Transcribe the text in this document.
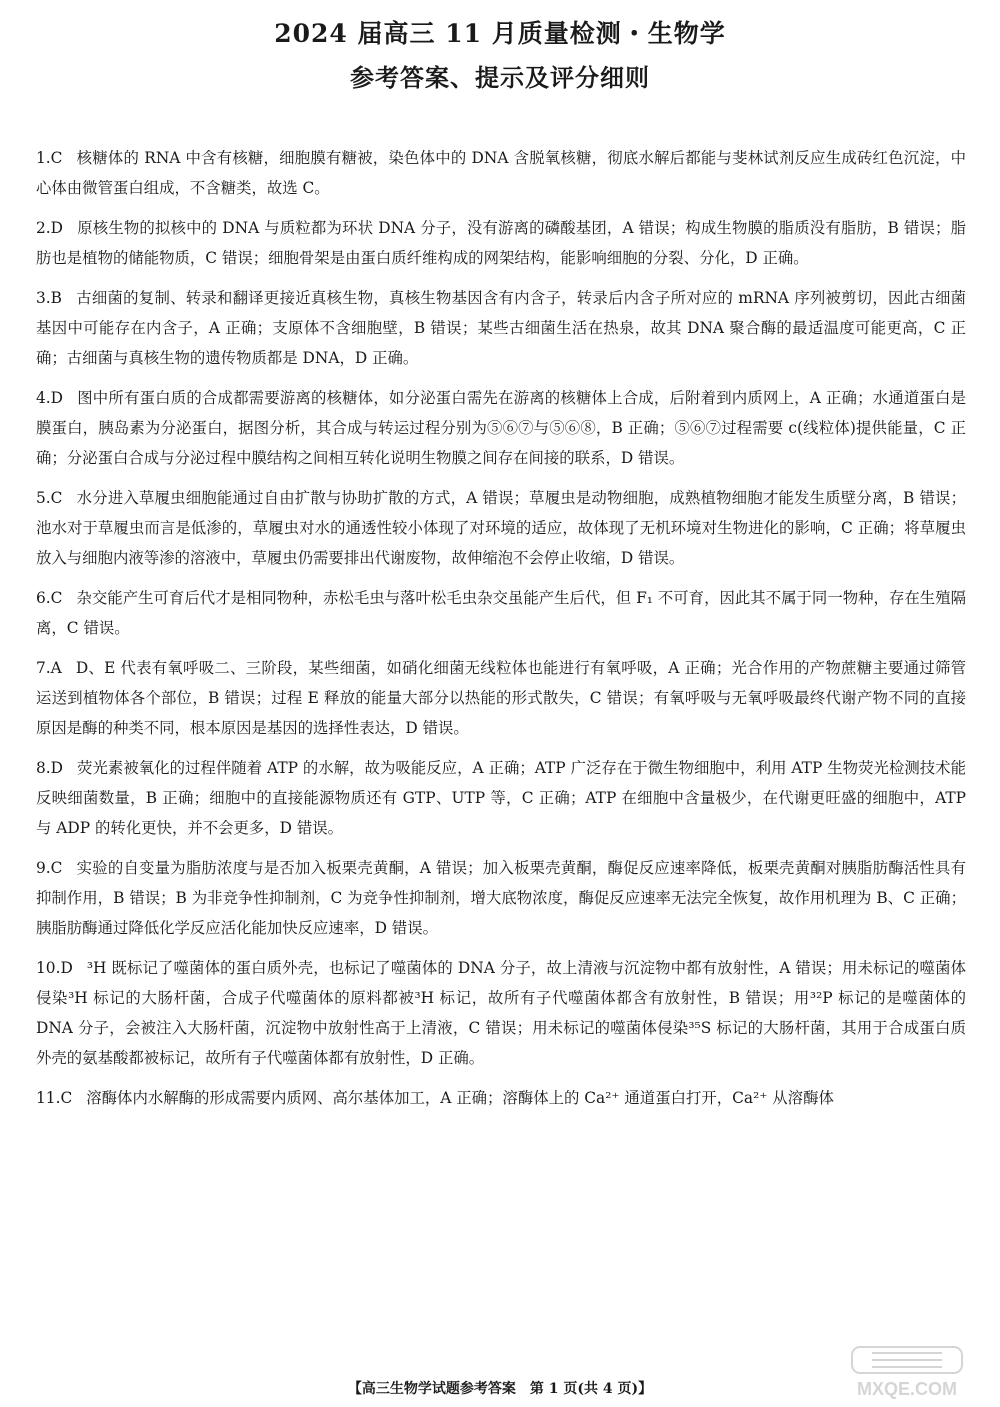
2024 届高三 11 月质量检测・生物学
参考答案、提示及评分细则

1.C 核糖体的 RNA 中含有核糖，细胞膜有糖被，染色体中的 DNA 含脱氧核糖，彻底水解后都能与斐林试剂反应生成砖红色沉淀，中心体由微管蛋白组成，不含糖类，故选 C。

2.D 原核生物的拟核中的 DNA 与质粒都为环状 DNA 分子，没有游离的磷酸基团，A 错误；构成生物膜的脂质没有脂肪，B 错误；脂肪也是植物的储能物质，C 错误；细胞骨架是由蛋白质纤维构成的网架结构，能影响细胞的分裂、分化，D 正确。

3.B 古细菌的复制、转录和翻译更接近真核生物，真核生物基因含有内含子，转录后内含子所对应的 mRNA 序列被剪切，因此古细菌基因中可能存在内含子，A 正确；支原体不含细胞壁，B 错误；某些古细菌生活在热泉，故其 DNA 聚合酶的最适温度可能更高，C 正确；古细菌与真核生物的遗传物质都是 DNA，D 正确。

4.D 图中所有蛋白质的合成都需要游离的核糖体，如分泌蛋白需先在游离的核糖体上合成，后附着到内质网上，A 正确；水通道蛋白是膜蛋白，胰岛素为分泌蛋白，据图分析，其合成与转运过程分别为⑤⑥⑦与⑤⑥⑧，B 正确；⑤⑥⑦过程需要 c(线粒体)提供能量，C 正确；分泌蛋白合成与分泌过程中膜结构之间相互转化说明生物膜之间存在间接的联系，D 错误。

5.C 水分进入草履虫细胞能通过自由扩散与协助扩散的方式，A 错误；草履虫是动物细胞，成熟植物细胞才能发生质壁分离，B 错误；池水对于草履虫而言是低渗的，草履虫对水的通透性较小体现了对环境的适应，故体现了无机环境对生物进化的影响，C 正确；将草履虫放入与细胞内液等渗的溶液中，草履虫仍需要排出代谢废物，故伸缩泡不会停止收缩，D 错误。

6.C 杂交能产生可育后代才是相同物种，赤松毛虫与落叶松毛虫杂交虽能产生后代，但 F₁ 不可育，因此其不属于同一物种，存在生殖隔离，C 错误。

7.A D、E 代表有氧呼吸二、三阶段，某些细菌，如硝化细菌无线粒体也能进行有氧呼吸，A 正确；光合作用的产物蔗糖主要通过筛管运送到植物体各个部位，B 错误；过程 E 释放的能量大部分以热能的形式散失，C 错误；有氧呼吸与无氧呼吸最终代谢产物不同的直接原因是酶的种类不同，根本原因是基因的选择性表达，D 错误。

8.D 荧光素被氧化的过程伴随着 ATP 的水解，故为吸能反应，A 正确；ATP 广泛存在于微生物细胞中，利用 ATP 生物荧光检测技术能反映细菌数量，B 正确；细胞中的直接能源物质还有 GTP、UTP 等，C 正确；ATP 在细胞中含量极少，在代谢更旺盛的细胞中，ATP 与 ADP 的转化更快，并不会更多，D 错误。

9.C 实验的自变量为脂肪浓度与是否加入板栗壳黄酮，A 错误；加入板栗壳黄酮，酶促反应速率降低，板栗壳黄酮对胰脂肪酶活性具有抑制作用，B 错误；B 为非竞争性抑制剂，C 为竞争性抑制剂，增大底物浓度，酶促反应速率无法完全恢复，故作用机理为 B、C 正确；胰脂肪酶通过降低化学反应活化能加快反应速率，D 错误。

10.D ³H 既标记了噬菌体的蛋白质外壳，也标记了噬菌体的 DNA 分子，故上清液与沉淀物中都有放射性，A 错误；用未标记的噬菌体侵染³H 标记的大肠杆菌，合成子代噬菌体的原料都被³H 标记，故所有子代噬菌体都含有放射性，B 错误；用³²P 标记的是噬菌体的 DNA 分子，会被注入大肠杆菌，沉淀物中放射性高于上清液，C 错误；用未标记的噬菌体侵染³⁵S 标记的大肠杆菌，其用于合成蛋白质外壳的氨基酸都被标记，故所有子代噬菌体都有放射性，D 正确。

11.C 溶酶体内水解酶的形成需要内质网、高尔基体加工，A 正确；溶酶体上的 Ca²⁺ 通道蛋白打开，Ca²⁺ 从溶酶体

【高三生物学试题参考答案　第 1 页(共 4 页)】	MXQE.COM
